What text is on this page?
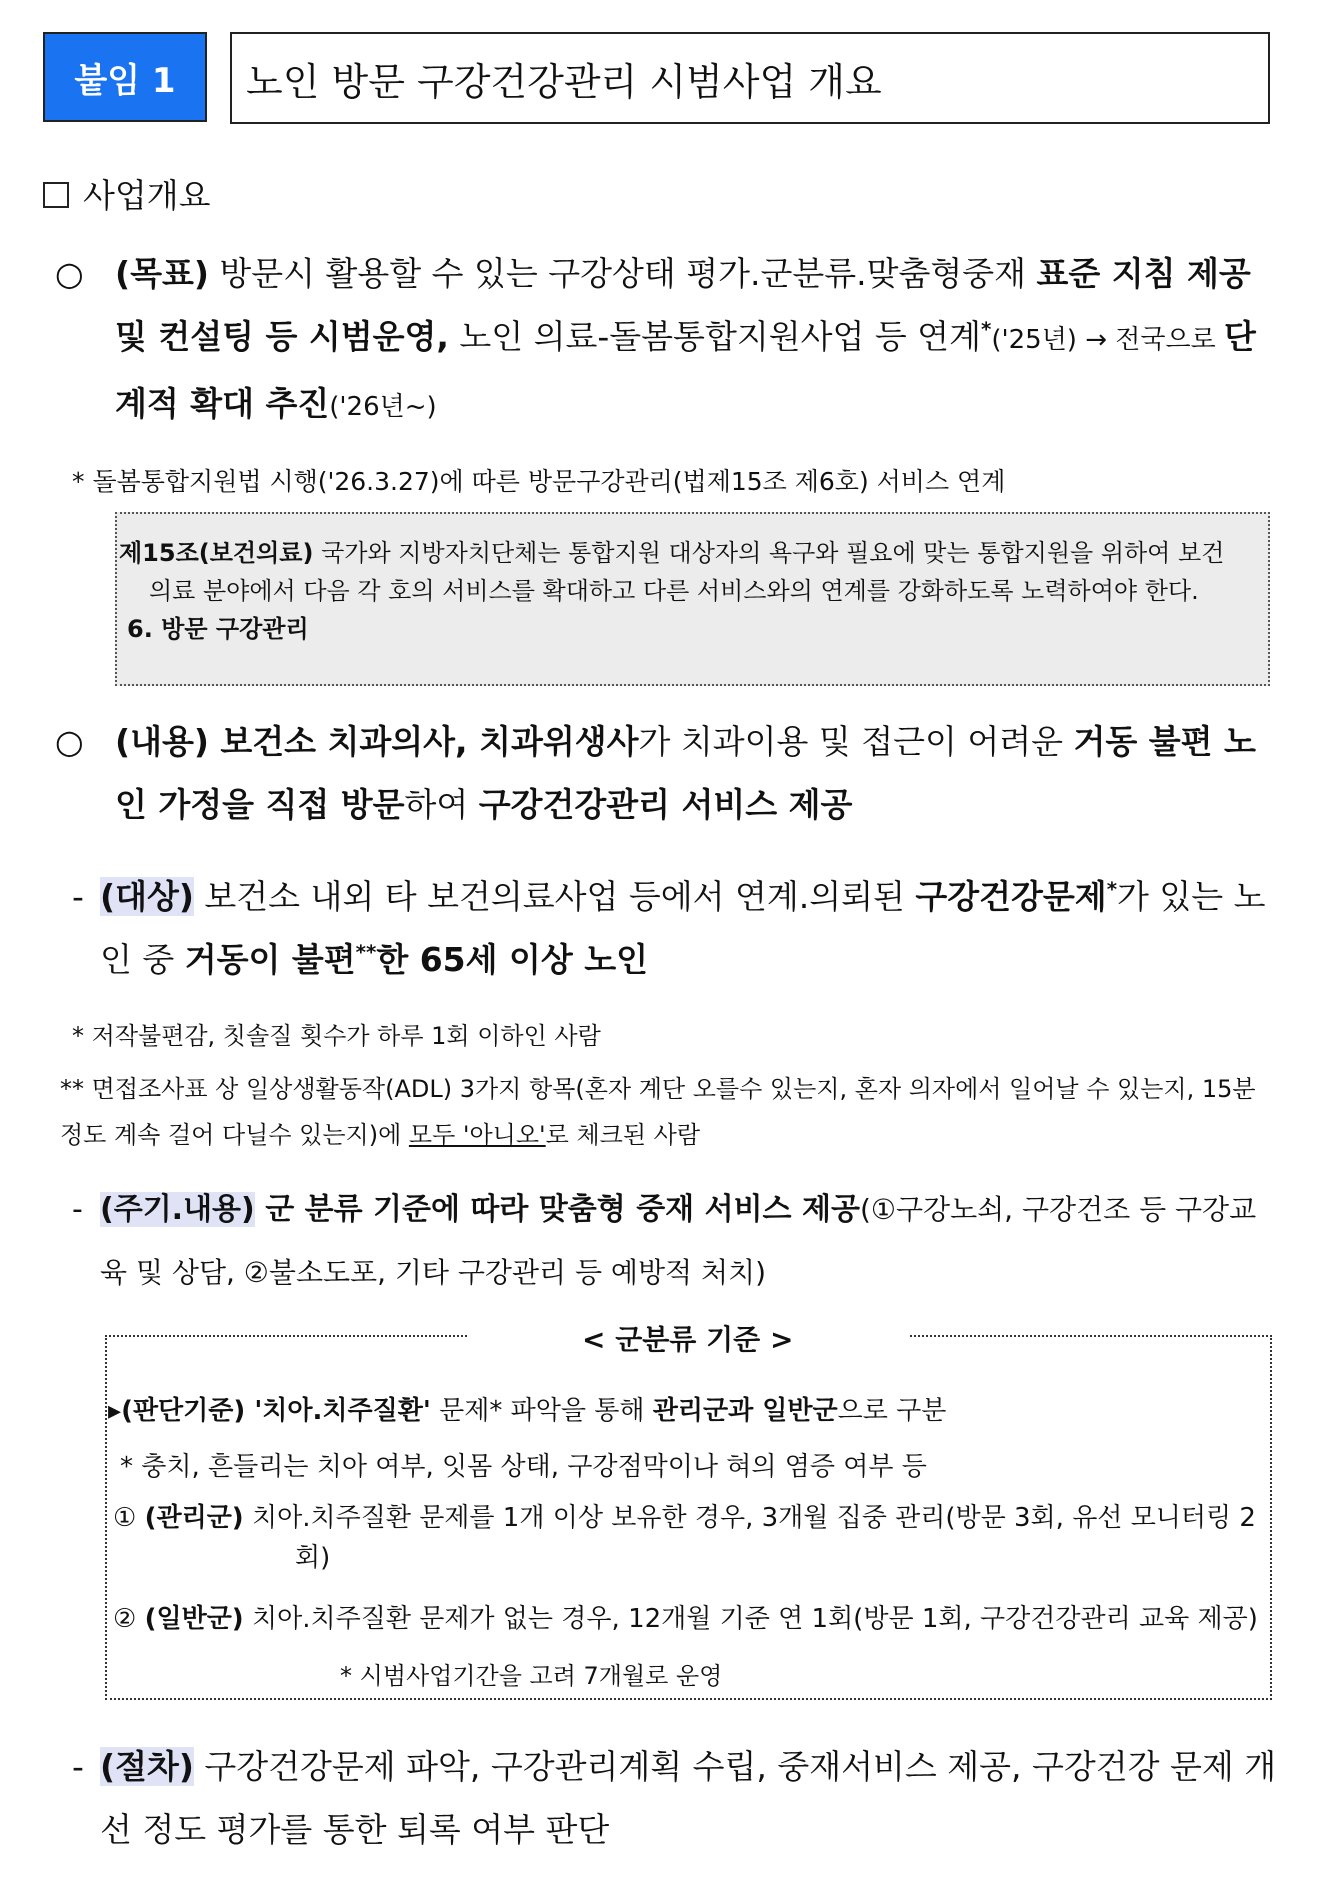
붙임 1	노인 방문 구강건강관리 시범사업 개요
사업개요
○ (목표) 방문시 활용할 수 있는 구강상태 평가.군분류.맞춤형중재 표준 지침 제공 및 컨설팅 등 시범운영, 노인 의료-돌봄통합지원사업 등 연계*('25년) → 전국으로 단계적 확대 추진('26년~)
* 돌봄통합지원법 시행('26.3.27)에 따른 방문구강관리(법제15조 제6호) 서비스 연계
제15조(보건의료) 국가와 지방자치단체는 통합지원 대상자의 욕구와 필요에 맞는 통합지원을 위하여 보건
의료 분야에서 다음 각 호의 서비스를 확대하고 다른 서비스와의 연계를 강화하도록 노력하여야 한다.
6. 방문 구강관리
○ (내용) 보건소 치과의사, 치과위생사가 치과이용 및 접근이 어려운 거동 불편 노인 가정을 직접 방문하여 구강건강관리 서비스 제공
- (대상) 보건소 내외 타 보건의료사업 등에서 연계.의뢰된 구강건강문제*가 있는 노인 중 거동이 불편**한 65세 이상 노인
* 저작불편감, 칫솔질 횟수가 하루 1회 이하인 사람
** 면접조사표 상 일상생활동작(ADL) 3가지 항목(혼자 계단 오를수 있는지, 혼자 의자에서 일어날 수 있는지, 15분 정도 계속 걸어 다닐수 있는지)에 모두 '아니오'로 체크된 사람
- (주기.내용) 군 분류 기준에 따라 맞춤형 중재 서비스 제공(①구강노쇠, 구강건조 등 구강교육 및 상담, ②불소도포, 기타 구강관리 등 예방적 처치)
< 군분류 기준 >
▸(판단기준) '치아.치주질환' 문제* 파악을 통해 관리군과 일반군으로 구분
* 충치, 흔들리는 치아 여부, 잇몸 상태, 구강점막이나 혀의 염증 여부 등
① (관리군) 치아.치주질환 문제를 1개 이상 보유한 경우, 3개월 집중 관리(방문 3회, 유선 모니터링 2
회)
② (일반군) 치아.치주질환 문제가 없는 경우, 12개월 기준 연 1회(방문 1회, 구강건강관리 교육 제공)
* 시범사업기간을 고려 7개월로 운영
- (절차) 구강건강문제 파악, 구강관리계획 수립, 중재서비스 제공, 구강건강 문제 개선 정도 평가를 통한 퇴록 여부 판단
